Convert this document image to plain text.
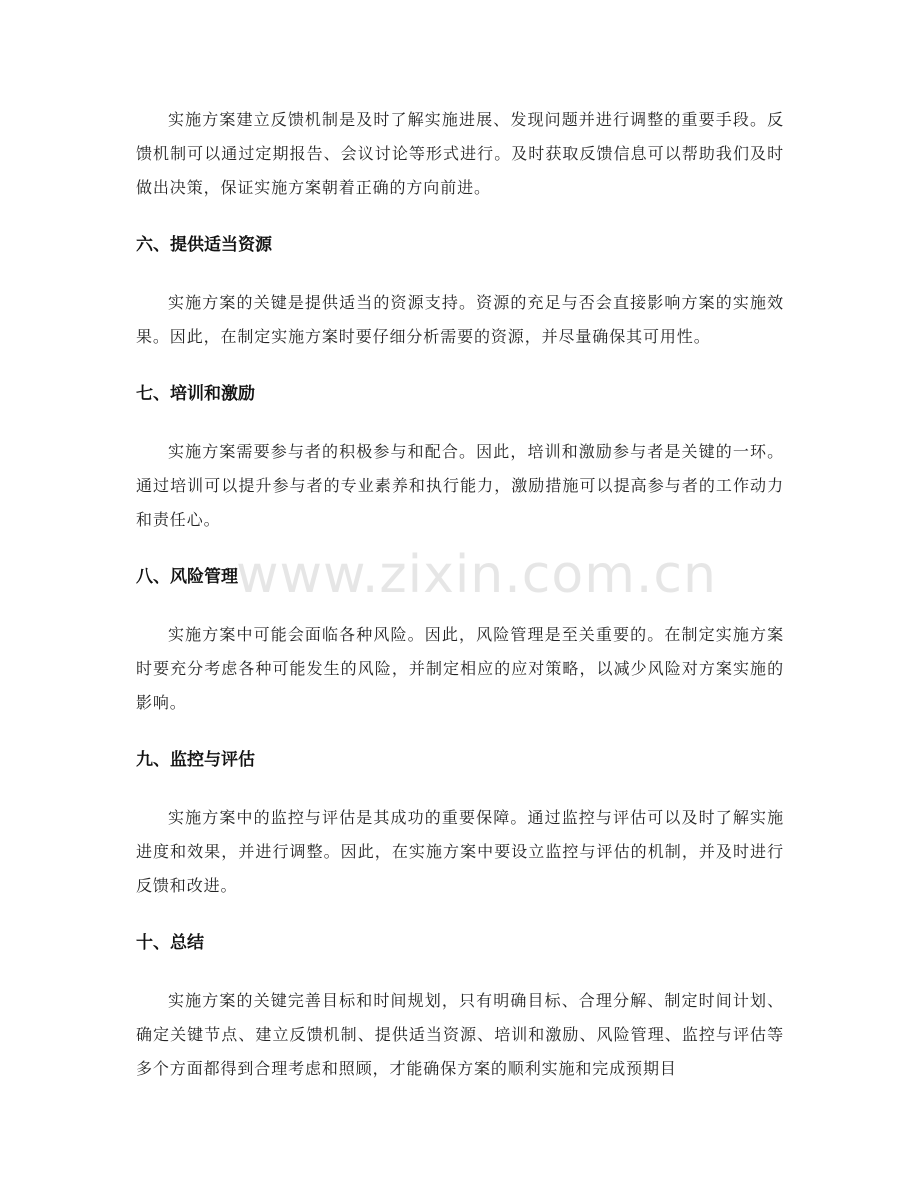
实施方案建立反馈机制是及时了解实施进展、发现问题并进行调整的重要手段。反馈机制可以通过定期报告、会议讨论等形式进行。及时获取反馈信息可以帮助我们及时做出决策，保证实施方案朝着正确的方向前进。

六、提供适当资源

实施方案的关键是提供适当的资源支持。资源的充足与否会直接影响方案的实施效果。因此，在制定实施方案时要仔细分析需要的资源，并尽量确保其可用性。

七、培训和激励

实施方案需要参与者的积极参与和配合。因此，培训和激励参与者是关键的一环。通过培训可以提升参与者的专业素养和执行能力，激励措施可以提高参与者的工作动力和责任心。

八、风险管理

实施方案中可能会面临各种风险。因此，风险管理是至关重要的。在制定实施方案时要充分考虑各种可能发生的风险，并制定相应的应对策略，以减少风险对方案实施的影响。

九、监控与评估

实施方案中的监控与评估是其成功的重要保障。通过监控与评估可以及时了解实施进度和效果，并进行调整。因此，在实施方案中要设立监控与评估的机制，并及时进行反馈和改进。

十、总结

实施方案的关键完善目标和时间规划，只有明确目标、合理分解、制定时间计划、确定关键节点、建立反馈机制、提供适当资源、培训和激励、风险管理、监控与评估等多个方面都得到合理考虑和照顾，才能确保方案的顺利实施和完成预期目

www.zixin.com.cn
